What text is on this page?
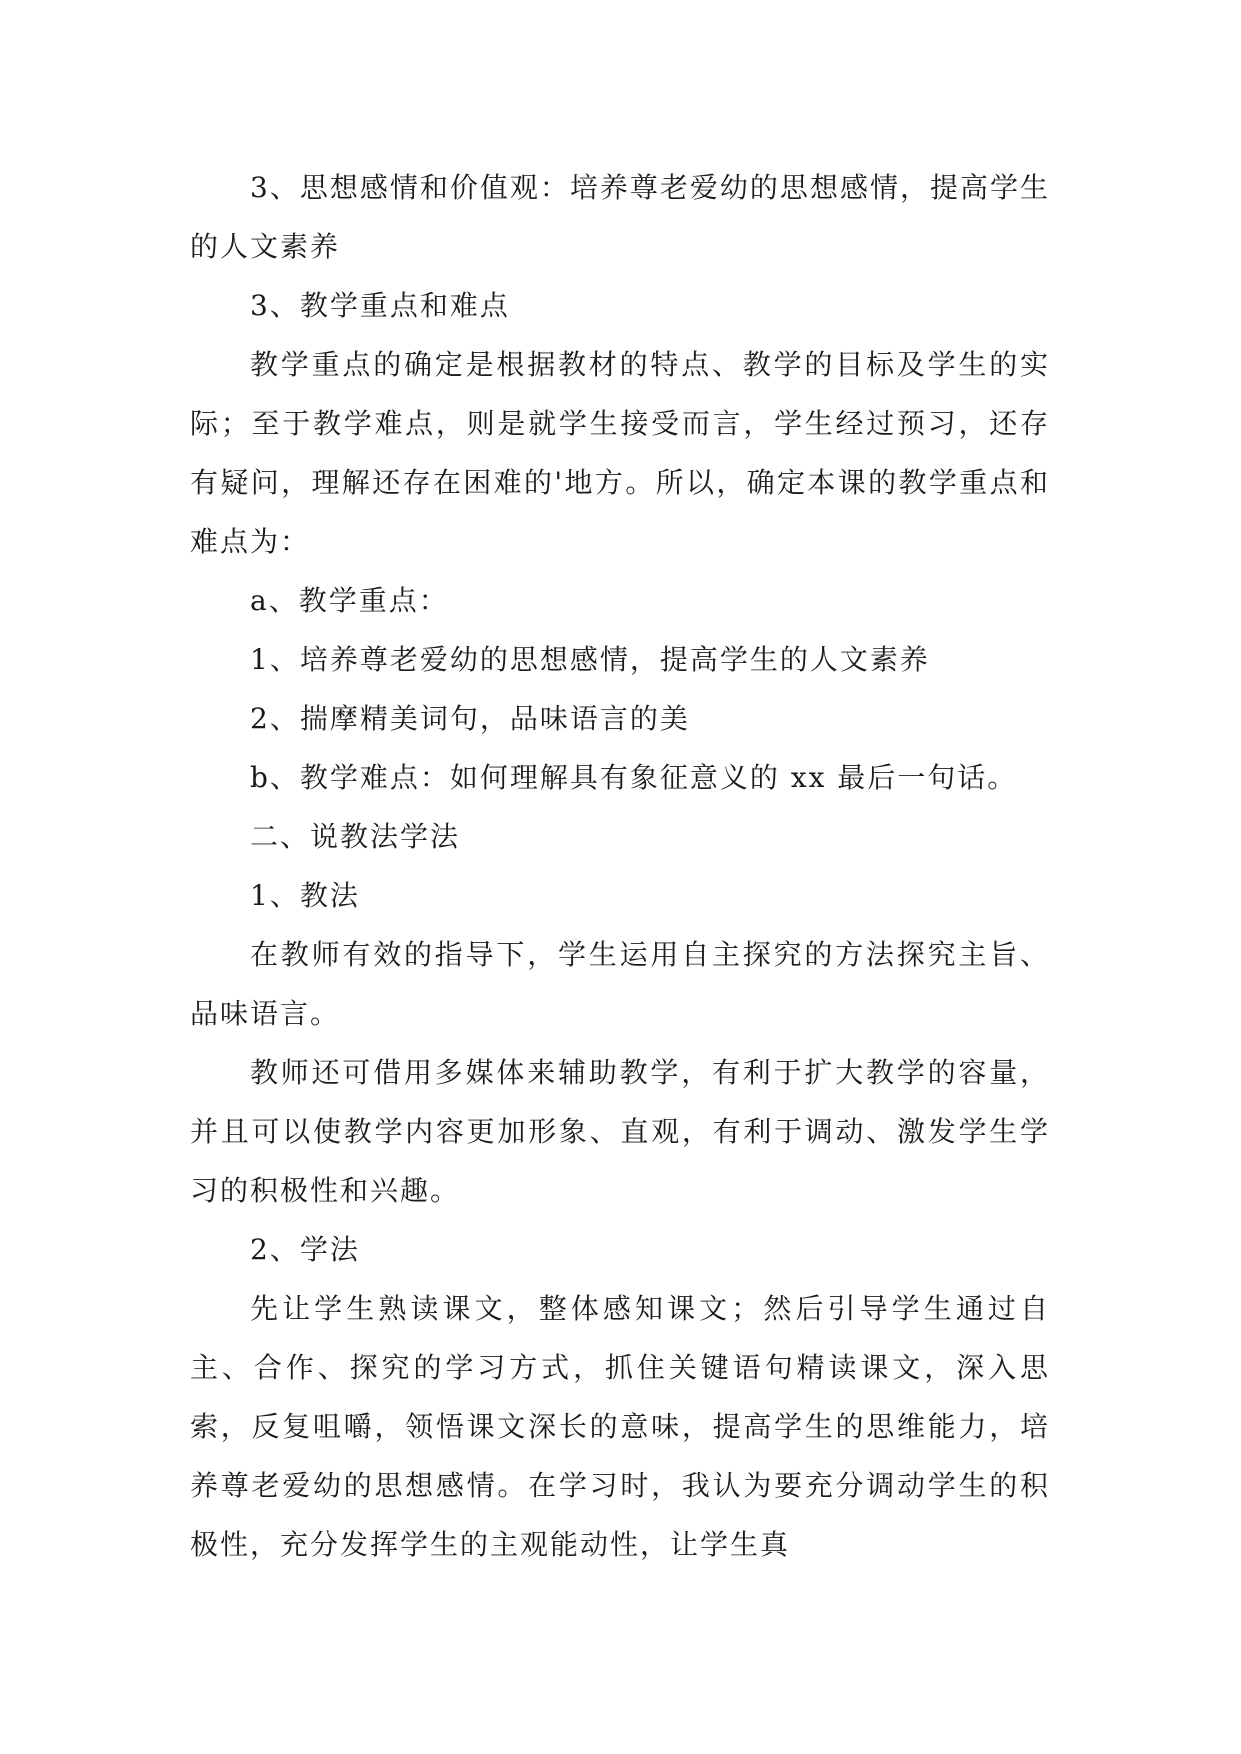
3、思想感情和价值观：培养尊老爱幼的思想感情，提高学生的人文素养

3、教学重点和难点

教学重点的确定是根据教材的特点、教学的目标及学生的实际；至于教学难点，则是就学生接受而言，学生经过预习，还存有疑问，理解还存在困难的'地方。所以，确定本课的教学重点和难点为：

a、教学重点：

1、培养尊老爱幼的思想感情，提高学生的人文素养

2、揣摩精美词句，品味语言的美

b、教学难点：如何理解具有象征意义的 xx 最后一句话。

二、说教法学法

1、教法

在教师有效的指导下，学生运用自主探究的方法探究主旨、品味语言。

教师还可借用多媒体来辅助教学，有利于扩大教学的容量，并且可以使教学内容更加形象、直观，有利于调动、激发学生学习的积极性和兴趣。

2、学法

先让学生熟读课文，整体感知课文；然后引导学生通过自主、合作、探究的学习方式，抓住关键语句精读课文，深入思索，反复咀嚼，领悟课文深长的意味，提高学生的思维能力，培养尊老爱幼的思想感情。在学习时，我认为要充分调动学生的积极性，充分发挥学生的主观能动性，让学生真
